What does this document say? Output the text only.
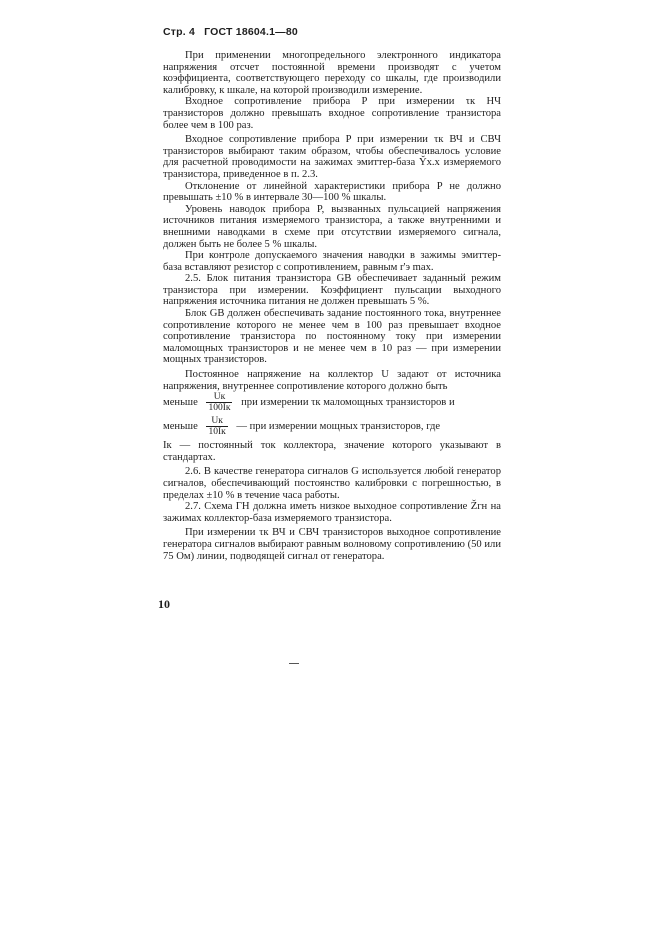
Стр. 4 ГОСТ 18604.1—80

При применении многопредельного электронного индикатора напряжения отсчет постоянной времени производят с учетом коэффициента, соответствующего переходу со шкалы, где производили калибровку, к шкале, на которой производили измерение.

Входное сопротивление прибора P при измерении τк НЧ транзисторов должно превышать входное сопротивление транзистора более чем в 100 раз.

Входное сопротивление прибора P при измерении τк ВЧ и СВЧ транзисторов выбирают таким образом, чтобы обеспечивалось условие для расчетной проводимости на зажимах эмиттер-база Y̆х.х измеряемого транзистора, приведенное в п. 2.3.

Отклонение от линейной характеристики прибора P не должно превышать ±10 % в интервале 30—100 % шкалы.

Уровень наводок прибора P, вызванных пульсацией напряжения источников питания измеряемого транзистора, а также внутренними и внешними наводками в схеме при отсутствии измеряемого сигнала, должен быть не более 5 % шкалы.

При контроле допускаемого значения наводки в зажимы эмиттер-база вставляют резистор с сопротивлением, равным r'э max.

2.5. Блок питания транзистора GB обеспечивает заданный режим транзистора при измерении. Коэффициент пульсации выходного напряжения источника питания не должен превышать 5 %.

Блок GB должен обеспечивать задание постоянного тока, внутреннее сопротивление которого не менее чем в 100 раз превышает входное сопротивление транзистора по постоянному току при измерении маломощных транзисторов и не менее чем в 10 раз — при измерении мощных транзисторов.

Постоянное напряжение на коллектор U задают от источника напряжения, внутреннее сопротивление которого должно быть

меньше $\frac{Uк}{100Iк}$ при измерении τк маломощных транзисторов и
меньше $\frac{Uк}{10Iк}$ — при измерении мощных транзисторов, где

Iк — постоянный ток коллектора, значение которого указывают в стандартах.

2.6. В качестве генератора сигналов G используется любой генератор сигналов, обеспечивающий постоянство калибровки с погрешностью, в пределах ±10 % в течение часа работы.

2.7. Схема ГН должна иметь низкое выходное сопротивление Z̆гн на зажимах коллектор-база измеряемого транзистора.

При измерении τк ВЧ и СВЧ транзисторов выходное сопротивление генератора сигналов выбирают равным волновому сопротивлению (50 или 75 Ом) линии, подводящей сигнал от генератора.

10
